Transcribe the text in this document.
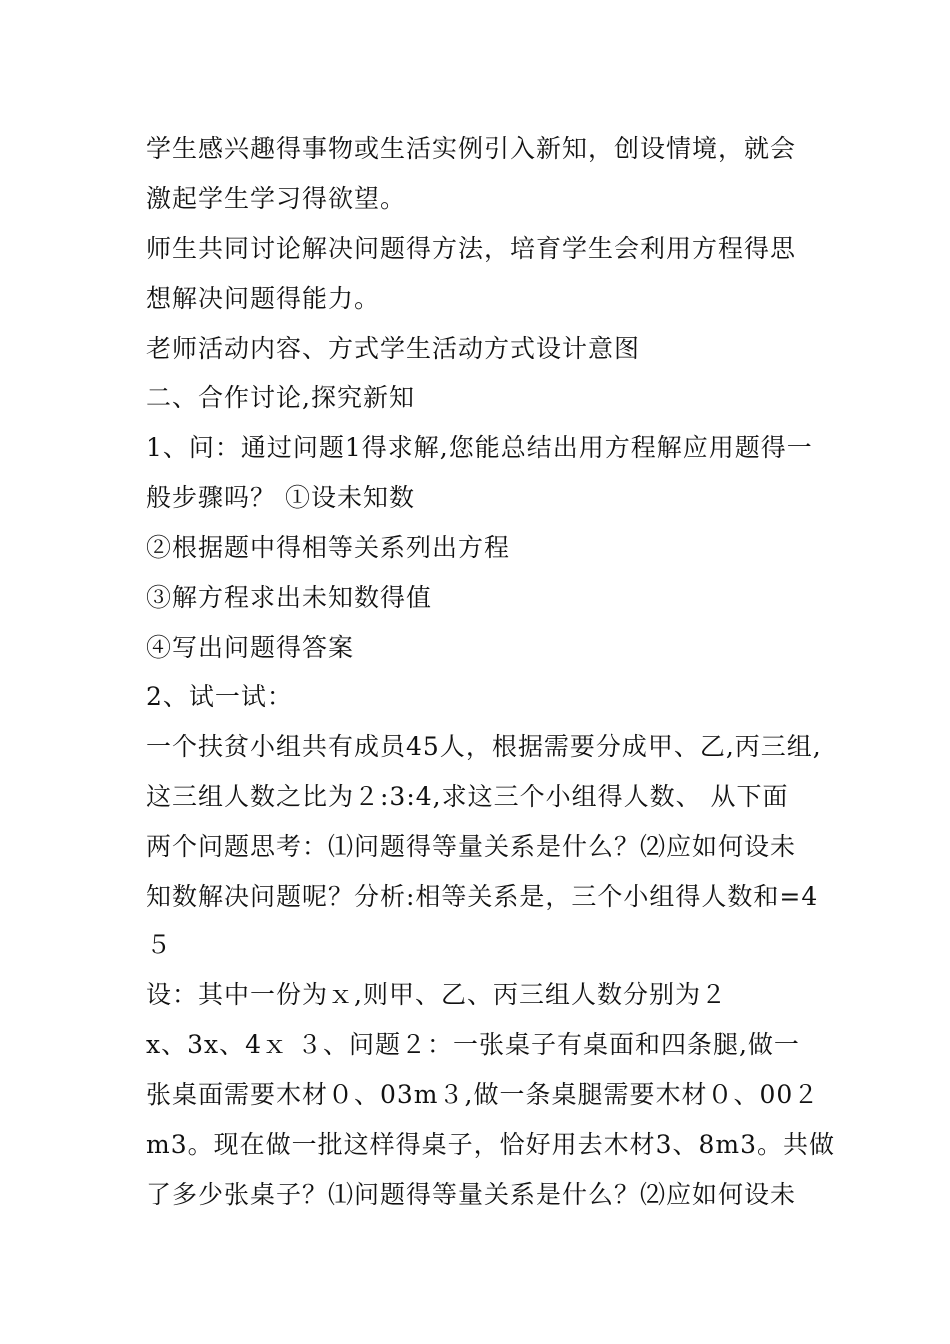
学生感兴趣得事物或生活实例引入新知，创设情境，就会
激起学生学习得欲望。
师生共同讨论解决问题得方法，培育学生会利用方程得思
想解决问题得能力。
老师活动内容、方式学生活动方式设计意图
二、合作讨论,探究新知
1、问：通过问题1得求解,您能总结出用方程解应用题得一
般步骤吗？ ①设未知数
②根据题中得相等关系列出方程
③解方程求出未知数得值
④写出问题得答案
2、试一试：
一个扶贫小组共有成员45人，根据需要分成甲、乙,丙三组,
这三组人数之比为２:3:4,求这三个小组得人数、 从下面
两个问题思考：⑴问题得等量关系是什么？⑵应如何设未
知数解决问题呢？分析:相等关系是，三个小组得人数和=4
５
设：其中一份为ｘ,则甲、乙、丙三组人数分别为２
x、3x、4ｘ ３、问题２：一张桌子有桌面和四条腿,做一
张桌面需要木材０、03m３,做一条桌腿需要木材０、00２
m3。现在做一批这样得桌子，恰好用去木材3、8m3。共做
了多少张桌子？⑴问题得等量关系是什么？⑵应如何设未
